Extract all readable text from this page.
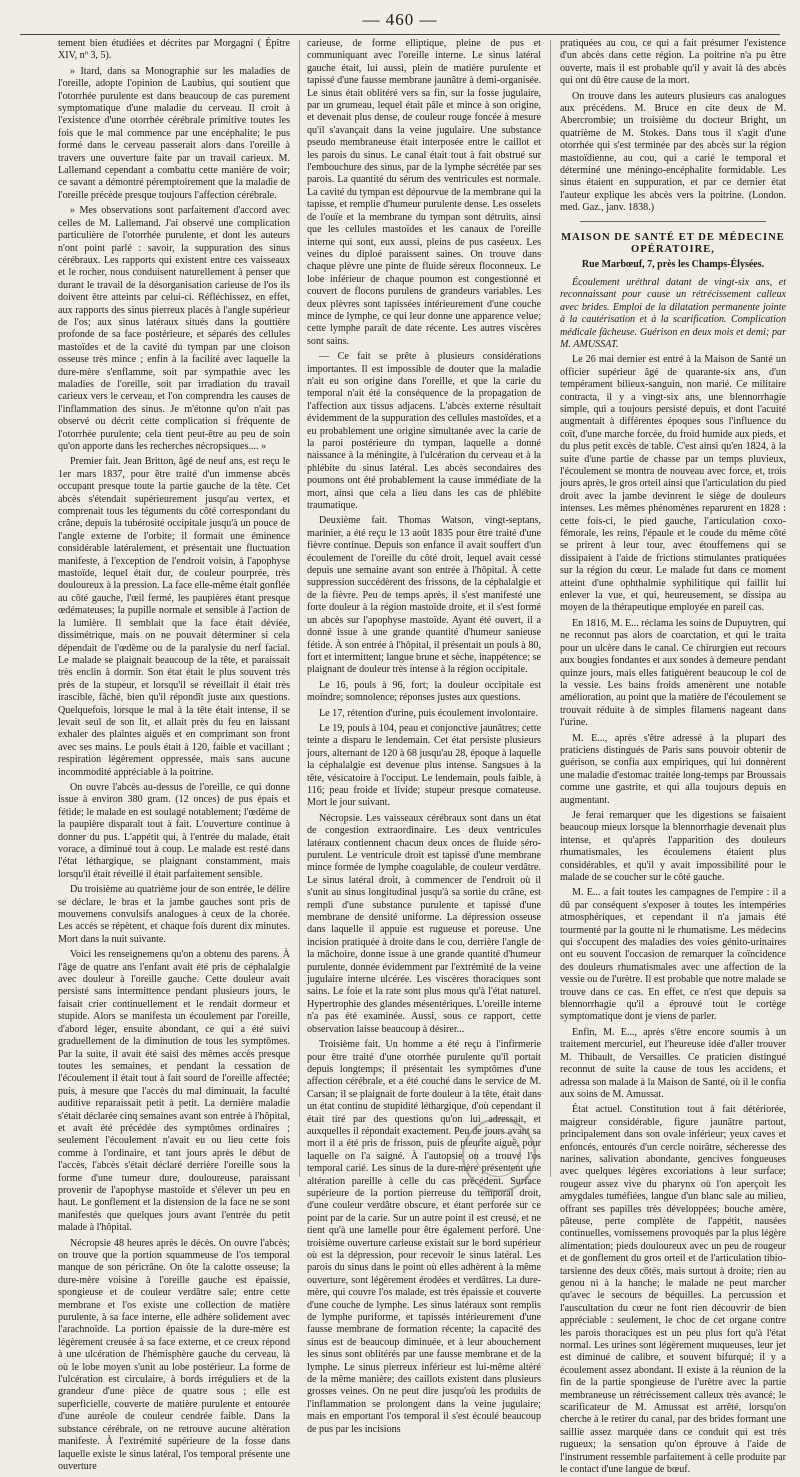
— 460 —

tement bien étudiées et décrites par Morgagni ( Épître XIV, nº 3, 5).

» Itard, dans sa Monographie sur les maladies de l'oreille, adopte l'opinion de Laubius, qui soutient que l'otorrhée purulente est dans beaucoup de cas purement symptomatique d'une maladie du cerveau. Il croit à l'existence d'une otorrhée cérébrale primitive toutes les fois que le mal commence par une encéphalite; le pus formé dans le cerveau passerait alors dans l'oreille à travers une ouverture faite par un travail carieux. M. Lallemand cependant a combattu cette manière de voir; ce savant a démontré péremptoirement que la maladie de l'oreille précède presque toujours l'affection cérébrale.

» Mes observations sont parfaitement d'accord avec celles de M. Lallemand. J'ai observé une complication particulière de l'otorrhée purulente, et dont les auteurs n'ont point parlé : savoir, la suppuration des sinus cérébraux. Les rapports qui existent entre ces vaisseaux et le rocher, nous conduisent naturellement à penser que durant le travail de la désorganisation carieuse de l'os ils doivent être atteints par celui-ci. Réfléchissez, en effet, aux rapports des sinus pierreux placés à l'angle supérieur de l'os; aux sinus latéraux situés dans la gouttière profonde de sa face postérieure, et séparés des cellules mastoïdes et de la cavité du tympan par une cloison osseuse très mince ; enfin à la facilité avec laquelle la dure-mère s'enflamme, soit par sympathie avec les maladies de l'oreille, soit par irradiation du travail carieux vers le cerveau, et l'on comprendra les causes de l'inflammation des sinus. Je m'étonne qu'on n'ait pas observé ou décrit cette complication si fréquente de l'otorrhée purulente; cela tient peut-être au peu de soin qu'on apporte dans les recherches nécropsiques.... »

Premier fait. Jean Britton, âgé de neuf ans, est reçu le 1er mars 1837, pour être traité d'un immense abcès occupant presque toute la partie gauche de la tête. Cet abcès s'étendait supérieurement jusqu'au vertex, et comprenait tous les téguments du côté correspondant du crâne, depuis la tubérosité occipitale jusqu'à un pouce de l'angle externe de l'orbite; il formait une éminence considérable latéralement, et présentait une fluctuation manifeste, à l'exception de l'endroit voisin, à l'apophyse mastoïde, lequel était dur, de couleur pourprée, très douloureux à la pression. La face elle-même était gonflée au côté gauche, l'œil fermé, les paupières étant presque œdémateuses; la pupille normale et sensible à l'action de la lumière. Il semblait que la face était déviée, dissimétrique, mais on ne pouvait déterminer si cela dépendait de l'œdème ou de la paralysie du nerf facial. Le malade se plaignait beaucoup de la tête, et paraissait très enclin à dormir. Son état était le plus souvent très près de la stupeur, et lorsqu'il se réveillait il était très irascible, fâché, bien qu'il répondît juste aux questions. Quelquefois, lorsque le mal à la tête était intense, il se levait seul de son lit, et allait près du feu en laissant exhaler des plaintes aiguës et en comprimant son front avec ses mains. Le pouls était à 120, faible et vacillant ; respiration légèrement oppressée, mais sans aucune incommodité appréciable à la poitrine.

On ouvre l'abcès au-dessus de l'oreille, ce qui donne issue à environ 380 gram. (12 onces) de pus épais et fétide; le malade en est soulagé notablement; l'œdème de la paupière disparaît tout à fait. L'ouverture continue à donner du pus. L'appétit qui, à l'entrée du malade, était vorace, a diminué tout à coup. Le malade est resté dans l'état léthargique, se plaignant constamment, mais lorsqu'il était réveillé il était parfaitement sensible.

Du troisième au quatrième jour de son entrée, le délire se déclare, le bras et la jambe gauches sont pris de mouvemens convulsifs analogues à ceux de la chorée. Les accès se répètent, et chaque fois durent dix minutes. Mort dans la nuit suivante.

Voici les renseignemens qu'on a obtenu des parens. À l'âge de quatre ans l'enfant avait été pris de céphalalgie avec douleur à l'oreille gauche. Cette douleur avait persisté sans intermittence pendant plusieurs jours, le faisait crier continuellement et le rendait dormeur et stupide. Alors se manifesta un écoulement par l'oreille, d'abord léger, ensuite abondant, ce qui a été suivi graduellement de la diminution de tous les symptômes. Par la suite, il avait été saisi des mêmes accès presque toutes les semaines, et pendant la cessation de l'écoulement il était tout à fait sourd de l'oreille affectée; puis, à mesure que l'accès du mal diminuait, la faculté auditive reparaissait petit à petit. La dernière maladie s'était déclarée cinq semaines avant son entrée à l'hôpital, et avait été précédée des symptômes ordinaires ; seulement l'écoulement n'avait eu ou lieu cette fois comme à l'ordinaire, et tant jours après le début de l'accès, l'abcès s'était déclaré derrière l'oreille sous la forme d'une tumeur dure, douloureuse, paraissant provenir de l'apophyse mastoïde et s'élever un peu en haut. Le gonflement et la distension de la face ne se sont manifestés que quelques jours avant l'entrée du petit malade à l'hôpital.

Nécropsie 48 heures après le décès. On ouvre l'abcès; on trouve que la portion squammeuse de l'os temporal manque de son péricrâne. On ôte la calotte osseuse; la dure-mère voisine à l'oreille gauche est épaissie, spongieuse et de couleur verdâtre sale; entre cette membrane et l'os existe une collection de matière purulente, à sa face interne, elle adhère solidement avec l'arachnoïde. La portion épaissie de la dure-mère est légèrement creusée à sa face externe, et ce creux répond à une ulcération de l'hémisphère gauche du cerveau, là où le lobe moyen s'unit au lobe postérieur. La forme de l'ulcération est circulaire, à bords irréguliers et de la grandeur d'une pièce de quatre sous ; elle est superficielle, couverte de matière purulente et entourée d'une auréole de couleur cendrée faible. Dans la substance cérébrale, on ne retrouve aucune altération manifeste. À l'extrémité supérieure de la fosse dans laquelle existe le sinus latéral, l'os temporal présente une ouverture

carieuse, de forme elliptique, pleine de pus et communiquant avec l'oreille interne. Le sinus latéral gauche était, lui aussi, plein de matière purulente et tapissé d'une fausse membrane jaunâtre à demi-organisée. Le sinus était oblitéré vers sa fin, sur la fosse jugulaire, par un grumeau, lequel était pâle et mince à son origine, et devenait plus dense, de couleur rouge foncée à mesure qu'il s'avançait dans la veine jugulaire. Une substance pseudo membraneuse était interposée entre le caillot et les parois du sinus. Le canal était tout à fait obstrué sur l'embouchure des sinus, par de la lymphe sécrétée par ses parois. La quantité du sérum des ventricules est normale. La cavité du tympan est dépourvue de la membrane qui la tapisse, et remplie d'humeur purulente dense. Les osselets de l'ouïe et la membrane du tympan sont détruits, ainsi que les cellules mastoïdes et les canaux de l'oreille interne qui sont, eux aussi, pleins de pus caséeux. Les veines du diploé paraissent saines. On trouve dans chaque plèvre une pinte de fluide séreux floconneux. Le lobe inférieur de chaque poumon est congestionné et couvert de flocons purulens de grandeurs variables. Les deux plèvres sont tapissées intérieurement d'une couche mince de lymphe, ce qui leur donne une apparence velue; cette lymphe paraît de date récente. Les autres viscères sont sains.

— Ce fait se prête à plusieurs considérations importantes. Il est impossible de douter que la maladie n'ait eu son origine dans l'oreille, et que la carie du temporal n'ait été la conséquence de la propagation de l'affection aux tissus adjacens. L'abcès externe résultait évidemment de la suppuration des cellules mastoïdes, et a eu probablement une origine simultanée avec la carie de la paroi postérieure du tympan, laquelle a donné naissance à la méningite, à l'ulcération du cerveau et à la phlébite du sinus latéral. Les abcès secondaires des poumons ont été probablement la cause immédiate de la mort, ainsi que cela a lieu dans les cas de phlébite traumatique.

Deuxième fait. Thomas Watson, vingt-septans, marinier, a été reçu le 13 août 1835 pour être traité d'une fièvre continue. Depuis son enfance il avait souffert d'un écoulement de l'oreille du côté droit, lequel avait cessé depuis une semaine avant son entrée à l'hôpital. À cette suppression succédèrent des frissons, de la céphalalgie et de la fièvre. Peu de temps après, il s'est manifesté une forte douleur à la région mastoïde droite, et il s'est formé un abcès sur l'apophyse mastoïde. Ayant été ouvert, il a donné issue à une grande quantité d'humeur sanieuse fétide. À son entrée à l'hôpital, il présentait un pouls à 80, fort et intermittent; langue brune et sèche, inappétence; se plaignant de douleur très intense à la région occipitale.

Le 16, pouls à 96, fort; la douleur occipitale est moindre; somnolence; réponses justes aux questions.

Le 17, rétention d'urine, puis écoulement involontaire.

Le 19, pouls à 104, peau et conjonctive jaunâtres; cette teinte a disparu le lendemain. Cet état persiste plusieurs jours, alternant de 120 à 68 jusqu'au 28, époque à laquelle la céphalalgie est devenue plus intense. Sangsues à la tête, vésicatoire à l'occiput. Le lendemain, pouls faible, à 116; peau froide et livide; stupeur presque comateuse. Mort le jour suivant.

Nécropsie. Les vaisseaux cérébraux sont dans un état de congestion extraordinaire. Les deux ventricules latéraux contiennent chacun deux onces de fluide séro-purulent. Le ventricule droit est tapissé d'une membrane mince formée de lymphe coagulable, de couleur verdâtre. Le sinus latéral droit, à commencer de l'endroit où il s'unit au sinus longitudinal jusqu'à sa sortie du crâne, est rempli d'une substance purulente et tapissé d'une membrane de densité uniforme. La dépression osseuse dans laquelle il appuie est rugueuse et poreuse. Une incision pratiquée à droite dans le cou, derrière l'angle de la mâchoire, donne issue à une grande quantité d'humeur purulente, donnée évidemment par l'extrémité de la veine jugulaire interne ulcérée. Les viscères thoraciques sont sains. Le foie et la rate sont plus mous qu'à l'état naturel. Hypertrophie des glandes mésentériques. L'oreille interne n'a pas été examinée. Aussi, sous ce rapport, cette observation laisse beaucoup à désirer...

Troisième fait. Un homme a été reçu à l'infirmerie pour être traité d'une otorrhée purulente qu'il portait depuis longtemps; il présentait les symptômes d'une affection cérébrale, et a été couché dans le service de M. Carsan; il se plaignait de forte douleur à la tête, était dans un état continu de stupidité léthargique, d'où cependant il était tiré par des questions qu'on lui adressait, et auxquelles il répondait exactement. Peu de jours avant sa mort il a été pris de frisson, puis de pleurite aiguë, pour laquelle on l'a saigné. À l'autopsie on a trouvé l'os temporal carié. Les sinus de la dure-mère présentent une altération pareille à celle du cas précédent. Surface supérieure de la portion pierreuse du temporal droit, d'une couleur verdâtre obscure, et étant perforée sur ce point par de la carie. Sur un autre point il est creusé, et ne tient qu'à une lamelle pour être également perforé. Une troisième ouverture carieuse existait sur le bord supérieur où est la dépression, pour recevoir le sinus latéral. Les parois du sinus dans le point où elles adhèrent à la même ouverture, sont légèrement érodées et verdâtres. La dure-mère, qui couvre l'os malade, est très épaissie et couverte d'une couche de lymphe. Les sinus latéraux sont remplis de lymphe puriforme, et tapissés intérieurement d'une fausse membrane de formation récente; la capacité des sinus est de beaucoup diminuée, et à leur abouchement les sinus sont oblitérés par une fausse membrane et de la lymphe. Le sinus pierreux inférieur est lui-même altéré de la même manière; des caillots existent dans plusieurs grosses veines. On ne peut dire jusqu'où les produits de l'inflammation se prolongent dans la veine jugulaire; mais en emportant l'os temporal il s'est écoulé beaucoup de pus par les incisions

pratiquées au cou, ce qui a fait présumer l'existence d'un abcès dans cette région. La poitrine n'a pu être ouverte, mais il est probable qu'il y avait là des abcès qui ont dû être cause de la mort.

On trouve dans les auteurs plusieurs cas analogues aux précédens. M. Bruce en cite deux de M. Abercrombie; un troisième du docteur Bright, un quatrième de M. Stokes. Dans tous il s'agit d'une otorrhée qui s'est terminée par des abcès sur la région mastoïdienne, au cou, qui a carié le temporal et déterminé une méningo-encéphalite formidable. Les sinus étaient en suppuration, et par ce dernier état l'auteur explique les abcès vers la poitrine. (London. med. Gaz., janv. 1838.)

MAISON DE SANTÉ ET DE MÉDECINE OPÉRATOIRE,

Rue Marbœuf, 7, près les Champs-Élysées.

Écoulement uréthral datant de vingt-six ans, et reconnaissant pour cause un rétrécissement calleux avec brides. Emploi de la dilatation permanente jointe à la cautérisation et à la scarification. Complication médicale fâcheuse. Guérison en deux mois et demi; par M. AMUSSAT.

Le 26 mai dernier est entré à la Maison de Santé un officier supérieur âgé de quarante-six ans, d'un tempérament bilieux-sanguin, non marié. Ce militaire contracta, il y a vingt-six ans, une blennorrhagie simple, qui a toujours persisté depuis, et dont l'acuité augmentait à différentes époques sous l'influence du coït, d'une marche forcée, du froid humide aux pieds, et du plus petit excès de table. C'est ainsi qu'en 1824, à la suite d'une partie de chasse par un temps pluvieux, l'écoulement se montra de nouveau avec force, et, trois jours après, le gros orteil ainsi que l'articulation du pied droit avec la jambe devinrent le siège de douleurs intenses. Les mêmes phénomènes reparurent en 1828 : cette fois-ci, le pied gauche, l'articulation coxo-fémorale, les reins, l'épaule et le coude du même côté se prirent à leur tour, avec étouffemens qui se dissipaient à l'aide de frictions stimulantes pratiquées sur la région du cœur. Le malade fut dans ce moment atteint d'une ophthalmie syphilitique qui faillit lui enlever la vue, et qui, heureusement, se dissipa au moyen de la thérapeutique employée en pareil cas.

En 1816, M. E... réclama les soins de Dupuytren, qui ne reconnut pas alors de coarctation, et qui le traita pour un ulcère dans le canal. Ce chirurgien eut recours aux bougies fondantes et aux sondes à demeure pendant quinze jours, mais elles fatiguèrent beaucoup le col de la vessie. Les bains froids amenèrent une notable amélioration, au point que la matière de l'écoulement se trouvait réduite à de simples filamens nageant dans l'urine.

M. E..., après s'être adressé à la plupart des praticiens distingués de Paris sans pouvoir obtenir de guérison, se confia aux empiriques, qui lui donnèrent une maladie d'estomac traitée long-temps par Broussais comme une gastrite, et qui alla toujours depuis en augmentant.

Je ferai remarquer que les digestions se faisaient beaucoup mieux lorsque la blennorrhagie devenait plus intense, et qu'après l'apparition des douleurs rhumatismales, les écoulemens étaient plus considérables, et qu'il y avait impossibilité pour le malade de se coucher sur le côté gauche.

M. E... a fait toutes les campagnes de l'empire : il a dû par conséquent s'exposer à toutes les intempéries atmosphériques, et cependant il n'a jamais été tourmenté par la goutte ni le rhumatisme. Les médecins qui s'occupent des maladies des voies génito-urinaires ont eu souvent l'occasion de remarquer la coïncidence des douleurs rhumatismales avec une affection de la vessie ou de l'urètre. Il est probable que notre malade se trouve dans ce cas. En effet, ce n'est que depuis sa blennorrhagie qu'il a éprouvé tout le cortège symptomatique dont je viens de parler.

Enfin, M. E..., après s'être encore soumis à un traitement mercuriel, eut l'heureuse idée d'aller trouver M. Thibault, de Versailles. Ce praticien distingué reconnut de suite la cause de tous les accidens, et adressa son malade à la Maison de Santé, où il le confia aux soins de M. Amussat.

État actuel. Constitution tout à fait détériorée, maigreur considérable, figure jaunâtre partout, principalement dans son ovale inférieur; yeux caves et enfoncés, entourés d'un cercle noirâtre, sécheresse des narines, salivation abondante, gencives fongueuses avec quelques légères excoriations à leur surface; rougeur assez vive du pharynx où l'on aperçoit les amygdales tuméfiées, langue d'un blanc sale au milieu, offrant ses papilles très développées; bouche amère, pâteuse, perte complète de l'appétit, nausées continuelles, vomissemens provoqués par la plus légère alimentation; pieds douloureux avec un peu de rougeur et de gonflement du gros orteil et de l'articulation tibio-tarsienne des deux côtés, mais surtout à droite; rien au genou ni à la hanche; le malade ne peut marcher qu'avec le secours de béquilles. La percussion et l'auscultation du cœur ne font rien découvrir de bien appréciable : seulement, le choc de cet organe contre les parois thoraciques est un peu plus fort qu'à l'état normal. Les urines sont légèrement muqueuses, leur jet est diminué de calibre, et souvent bifurqué; il y a écoulement assez abondant. Il existe à la réunion de la fin de la partie spongieuse de l'urètre avec la partie membraneuse un rétrécissement calleux très avancé; le scarificateur de M. Amussat est arrêté, lorsqu'on cherche à le retirer du canal, par des brides formant une saillie assez marquée dans ce conduit qui est très rugueux; la sensation qu'on éprouve à l'aide de l'instrument ressemble parfaitement à celle produite par le contact d'une langue de bœuf.
